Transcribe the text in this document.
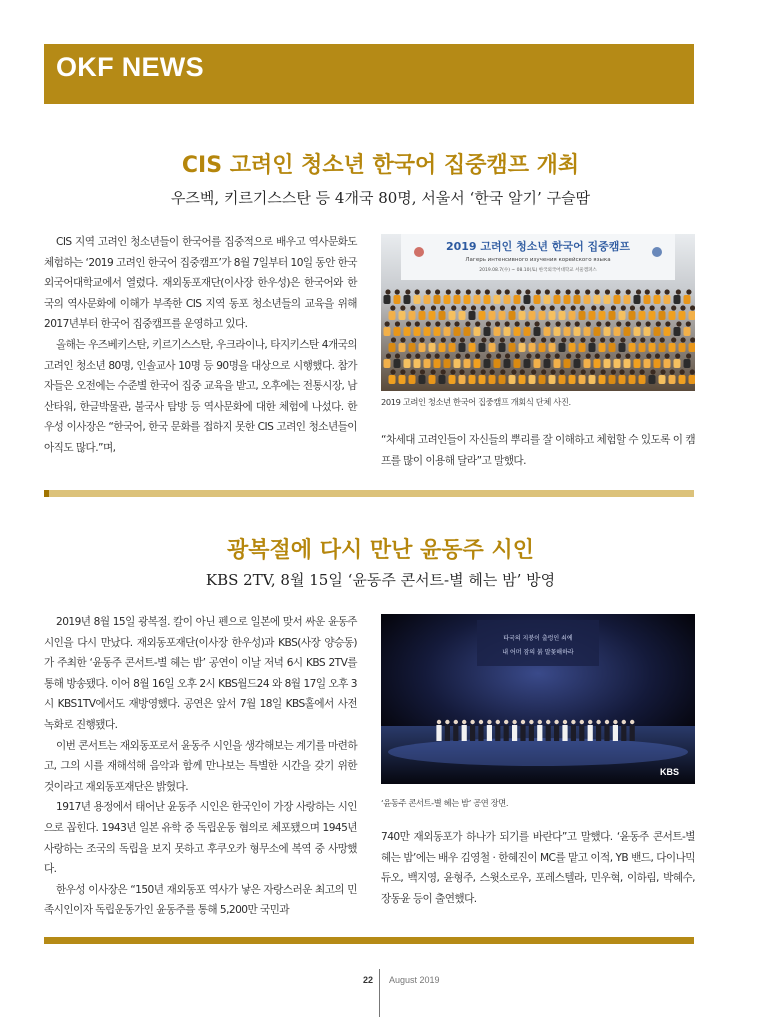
OKF NEWS
CIS 고려인 청소년 한국어 집중캠프 개최
우즈벡, 키르기스스탄 등 4개국 80명, 서울서 ‘한국 알기’ 구슬땀

CIS 지역 고려인 청소년들이 한국어를 집중적으로 배우고 역사문화도 체험하는 ‘2019 고려인 한국어 집중캠프’가 8월 7일부터 10일 동안 한국외국어대학교에서 열렸다. 재외동포재단(이사장 한우성)은 한국어와 한국의 역사문화에 이해가 부족한 CIS 지역 동포 청소년들의 교육을 위해 2017년부터 한국어 집중캠프를 운영하고 있다.

올해는 우즈베키스탄, 키르기스스탄, 우크라이나, 타지키스탄 4개국의 고려인 청소년 80명, 인솔교사 10명 등 90명을 대상으로 시행했다. 참가자들은 오전에는 수준별 한국어 집중 교육을 받고, 오후에는 전통시장, 남산타워, 한글박물관, 불국사 탐방 등 역사문화에 대한 체험에 나섰다. 한우성 이사장은 “한국어, 한국 문화를 접하지 못한 CIS 고려인 청소년들이 아직도 많다.”며,

2019 고려인 청소년 한국어 집중캠프
Лагерь интенсивного изучения корейского языка
2019.08.7(수) ~ 08.10(토) 한국외국어대학교 서울캠퍼스
2019 고려인 청소년 한국어 집중캠프 개회식 단체 사진.

“차세대 고려인들이 자신들의 뿌리를 잘 이해하고 체험할 수 있도록 이 캠프를 많이 이용해 달라”고 말했다.

광복절에 다시 만난 윤동주 시인
KBS 2TV, 8월 15일 ‘윤동주 콘서트-별 헤는 밤’ 방영

2019년 8월 15일 광복절. 칼이 아닌 펜으로 일본에 맞서 싸운 윤동주 시인을 다시 만났다. 재외동포재단(이사장 한우성)과 KBS(사장 양승동)가 주최한 ‘윤동주 콘서트-별 헤는 밤’ 공연이 이날 저녁 6시 KBS 2TV를 통해 방송됐다. 이어 8월 16일 오후 2시 KBS월드24 와 8월 17일 오후 3시 KBS1TV에서도 재방영했다. 공연은 앞서 7월 18일 KBS홀에서 사전 녹화로 진행됐다.

이번 콘서트는 재외동포로서 윤동주 시인을 생각해보는 계기를 마련하고, 그의 시를 재해석해 음악과 함께 만나보는 특별한 시간을 갖기 위한 것이라고 재외동포재단은 밝혔다.

1917년 용정에서 태어난 윤동주 시인은 한국인이 가장 사랑하는 시인으로 꼽힌다. 1943년 일본 유학 중 독립운동 혐의로 체포됐으며 1945년 사랑하는 조국의 독립을 보지 못하고 후쿠오카 형무소에 복역 중 사망했다.

한우성 이사장은 “150년 재외동포 역사가 낳은 자랑스러운 최고의 민족시인이자 독립운동가인 윤동주를 통해 5,200만 국민과

타국의 지붕이 출렁인 쇠에
내 어머 잠의 붉 말꽃해하라
KBS
‘윤동주 콘서트-별 헤는 밤’ 공연 장면.

740만 재외동포가 하나가 되기를 바란다”고 말했다. ‘윤동주 콘서트-별 헤는 밤’에는 배우 김영철 · 한혜진이 MC를 맡고 이적, YB 밴드, 다이나믹 듀오, 백지영, 윤형주, 스윗소로우, 포레스텔라, 민우혁, 이하림, 박혜수, 장동윤 등이 출연했다.

22 August 2019
